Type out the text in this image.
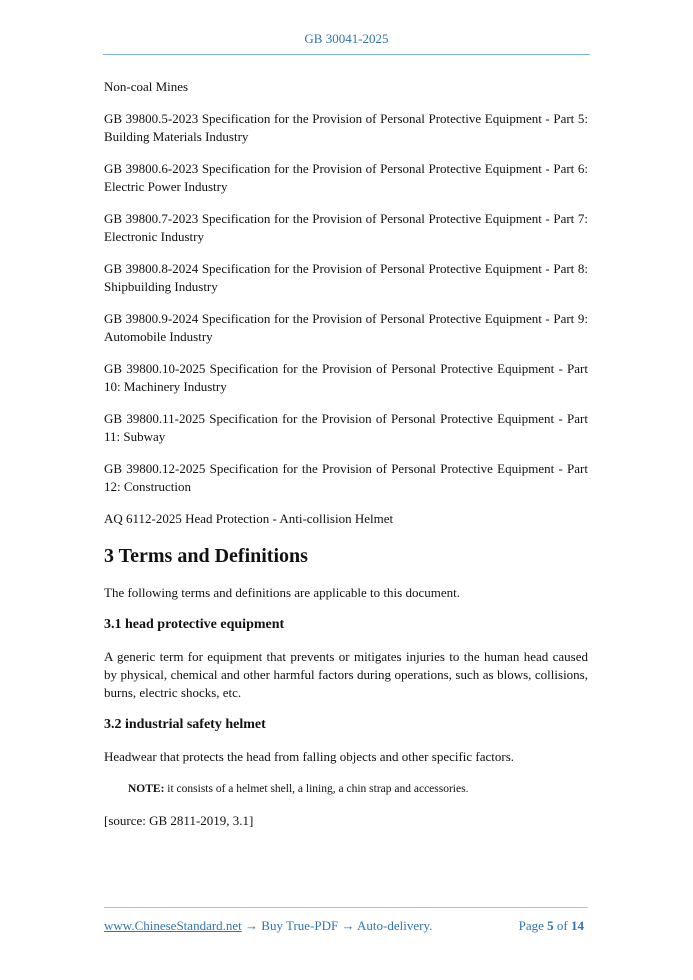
GB 30041-2025

Non-coal Mines

GB 39800.5-2023 Specification for the Provision of Personal Protective Equipment - Part 5: Building Materials Industry

GB 39800.6-2023 Specification for the Provision of Personal Protective Equipment - Part 6: Electric Power Industry

GB 39800.7-2023 Specification for the Provision of Personal Protective Equipment - Part 7: Electronic Industry

GB 39800.8-2024 Specification for the Provision of Personal Protective Equipment - Part 8: Shipbuilding Industry

GB 39800.9-2024 Specification for the Provision of Personal Protective Equipment - Part 9: Automobile Industry

GB 39800.10-2025 Specification for the Provision of Personal Protective Equipment - Part 10: Machinery Industry

GB 39800.11-2025 Specification for the Provision of Personal Protective Equipment - Part 11: Subway

GB 39800.12-2025 Specification for the Provision of Personal Protective Equipment - Part 12: Construction

AQ 6112-2025 Head Protection - Anti-collision Helmet

3 Terms and Definitions

The following terms and definitions are applicable to this document.

3.1 head protective equipment

A generic term for equipment that prevents or mitigates injuries to the human head caused by physical, chemical and other harmful factors during operations, such as blows, collisions, burns, electric shocks, etc.

3.2 industrial safety helmet

Headwear that protects the head from falling objects and other specific factors.

NOTE: it consists of a helmet shell, a lining, a chin strap and accessories.

[source: GB 2811-2019, 3.1]

www.ChineseStandard.net → Buy True-PDF → Auto-delivery.	Page 5 of 14
